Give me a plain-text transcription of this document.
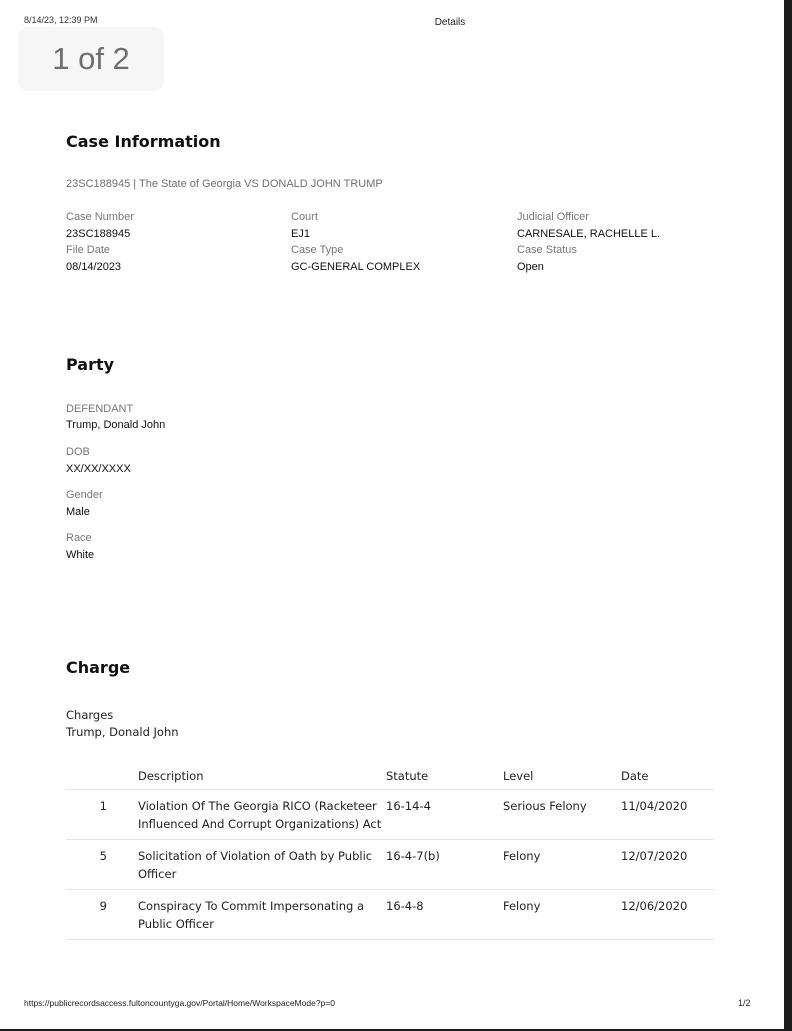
8/14/23, 12:39 PM	Details
1 of 2
Case Information
23SC188945 | The State of Georgia VS DONALD JOHN TRUMP
Case Number
23SC188945
File Date
08/14/2023
Court
EJ1
Case Type
GC-GENERAL COMPLEX
Judicial Officer
CARNESALE, RACHELLE L.
Case Status
Open
Party
DEFENDANT
Trump, Donald John
DOB
XX/XX/XXXX
Gender
Male
Race
White
Charge
Charges
Trump, Donald John
	Description	Statute	Level	Date
1	Violation Of The Georgia RICO (Racketeer Influenced And Corrupt Organizations) Act	16-14-4	Serious Felony	11/04/2020
5	Solicitation of Violation of Oath by Public Officer	16-4-7(b)	Felony	12/07/2020
9	Conspiracy To Commit Impersonating a Public Officer	16-4-8	Felony	12/06/2020
https://publicrecordsaccess.fultoncountyga.gov/Portal/Home/WorkspaceMode?p=0	1/2
